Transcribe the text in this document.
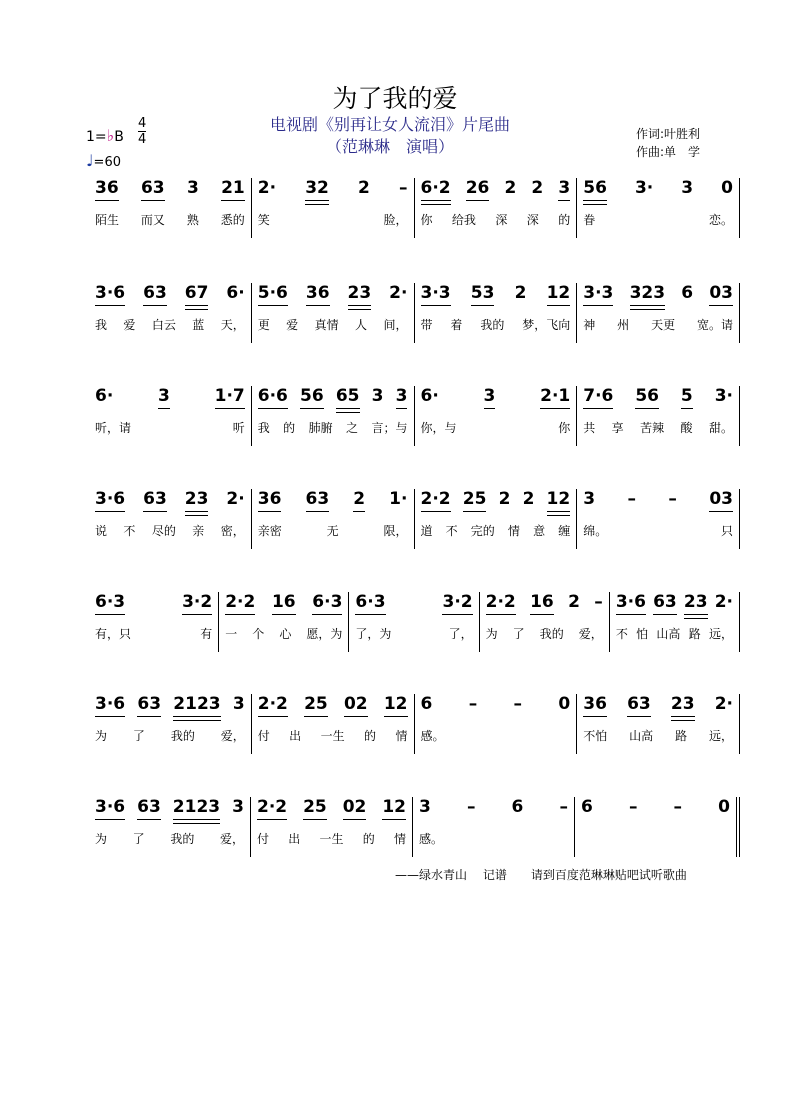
为了我的爱
电视剧《别再让女人流泪》片尾曲
（范琳琳　演唱）
作词:叶胜利
作曲:单　学
1=♭B
4
4
♩=60
36 63 3 21
陌生 而又 熟 悉的
2· 32 2 –
笑	脸，
6·2 26 2 2 3
你 给我 深 深 的
56 3· 3 0
眷	恋。
3·6 63 67 6·
我 爱 白云 蓝 天，
5·6 36 23 2·
更 爱 真情 人 间，
3·3 53 2 12
带 着 我的 梦，飞向
3·3 323 6 03
神 州 天更 宽。请
6·	3	1·7
听，请	听
6·6 56 65 3 3
我 的 肺腑 之 言；与
6·	3	2·1
你，与	你
7·6 56 5 3·
共 享 苦辣 酸 甜。
3·6 63 23 2·
说 不 尽的 亲 密，
36 63 2 1·
亲密	无	限，
2·2 25 2 2 12
道 不 完的 情 意 缠
3 – – 03
绵。	只
6·3	3·2
有，只	有
2·2 16 6·3
一 个 心 愿，为
6·3	3·2
了，为	了，
2·2 16 2 –
为 了 我的 爱，
3·6 63 23 2·
不 怕 山高 路 远，
3·6 63 2123 3
为 了 我的 爱，
2·2 25 02 12
付 出 一生 的 情
6 – – 0
感。
36 63 23 2·
不怕 山高 路 远，
3·6 63 2123 3
为 了 我的 爱，
2·2 25 02 12
付 出 一生 的 情
3 – 6 –
感。
6 – – 0
——绿水青山　 记谱　　请到百度范琳琳贴吧试听歌曲
